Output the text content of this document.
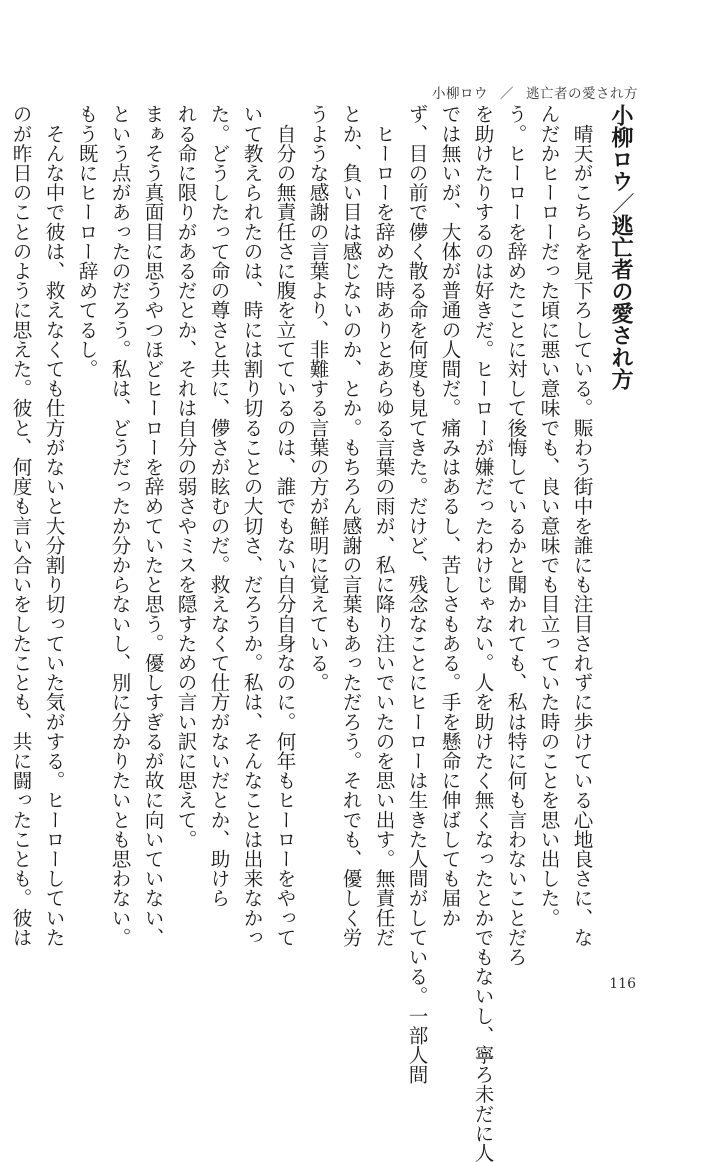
小柳ロウ ／ 逃亡者の愛され方
小柳ロウ／逃亡者の愛され方
　晴天がこちらを見下ろしている。賑わう街中を誰にも注目されずに歩けている心地良さに、な
んだかヒーローだった頃に悪い意味でも、良い意味でも目立っていた時のことを思い出した。
う。ヒーローを辞めたことに対して後悔しているかと聞かれても、私は特に何も言わないことだろ
を助けたりするのは好きだ。ヒーローが嫌だったわけじゃない。人を助けたく無くなったとかでもないし、寧ろ未だに人
では無いが、大体が普通の人間だ。痛みはあるし、苦しさもある。手を懸命に伸ばしても届か
ず、目の前で儚く散る命を何度も見てきた。だけど、残念なことにヒーローは生きた人間がしている。一部人間
　ヒーローを辞めた時ありとあらゆる言葉の雨が、私に降り注いでいたのを思い出す。無責任だ
とか、負い目は感じないのか、とか。もちろん感謝の言葉もあっただろう。それでも、優しく労
うような感謝の言葉より、非難する言葉の方が鮮明に覚えている。
　自分の無責任さに腹を立てているのは、誰でもない自分自身なのに。何年もヒーローをやって
いて教えられたのは、時には割り切ることの大切さ、だろうか。私は、そんなことは出来なかっ
た。どうしたって命の尊さと共に、儚さが眩むのだ。救えなくて仕方がないだとか、助けら
れる命に限りがあるだとか、それは自分の弱さやミスを隠すための言い訳に思えて。
まぁそう真面目に思うやつほどヒーローを辞めていたと思う。優しすぎるが故に向いていない、
という点があったのだろう。私は、どうだったか分からないし、別に分かりたいとも思わない。
もう既にヒーロー辞めてるし。
　そんな中で彼は、救えなくても仕方がないと大分割り切っていた気がする。ヒーローしていた
のが昨日のことのように思えた。彼と、何度も言い合いをしたことも、共に闘ったことも。彼は
116
